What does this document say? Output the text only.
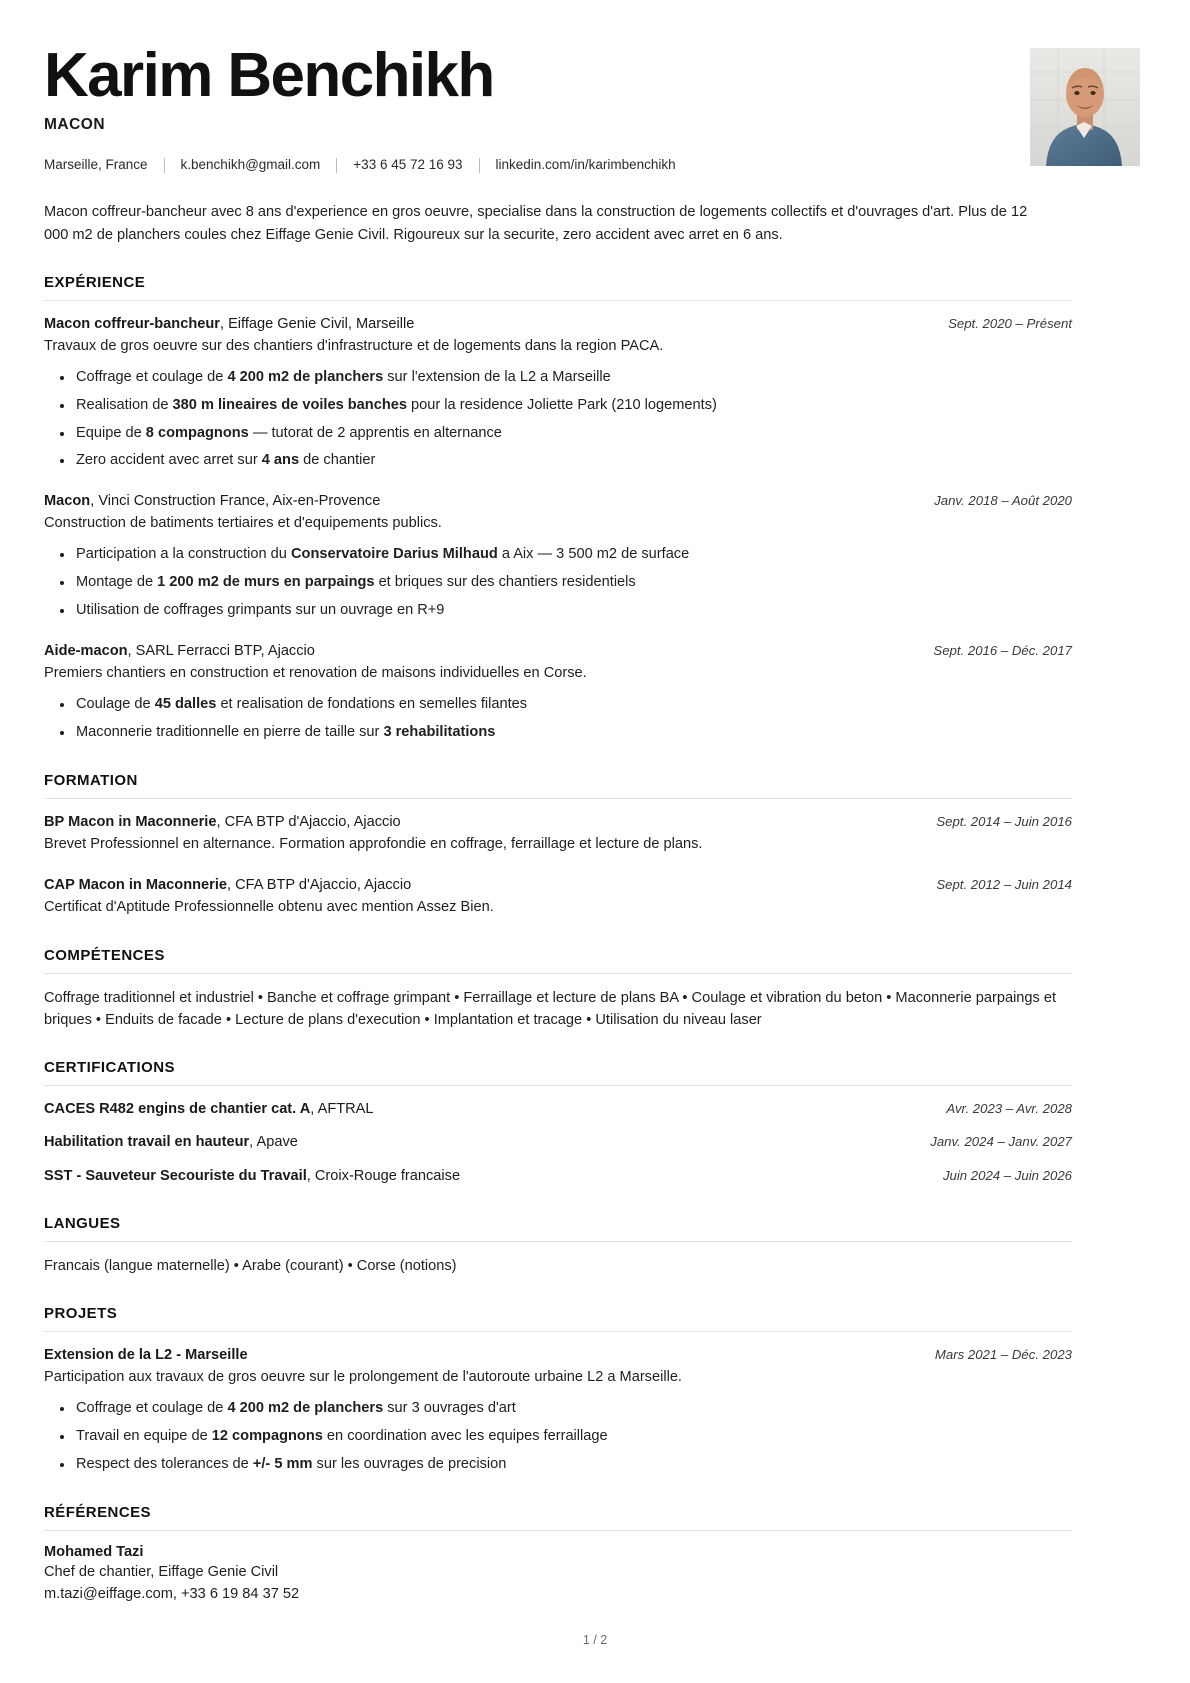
Karim Benchikh
MACON
Marseille, France k.benchikh@gmail.com +33 6 45 72 16 93 linkedin.com/in/karimbenchikh

Macon coffreur-bancheur avec 8 ans d'experience en gros oeuvre, specialise dans la construction de logements collectifs et d'ouvrages d'art. Plus de 12 000 m2 de planchers coules chez Eiffage Genie Civil. Rigoureux sur la securite, zero accident avec arret en 6 ans.

EXPÉRIENCE
Macon coffreur-bancheur, Eiffage Genie Civil, Marseille	Sept. 2020 – Présent

Travaux de gros oeuvre sur des chantiers d'infrastructure et de logements dans la region PACA.

Coffrage et coulage de 4 200 m2 de planchers sur l'extension de la L2 a Marseille
Realisation de 380 m lineaires de voiles banches pour la residence Joliette Park (210 logements)
Equipe de 8 compagnons — tutorat de 2 apprentis en alternance
Zero accident avec arret sur 4 ans de chantier
Macon, Vinci Construction France, Aix-en-Provence	Janv. 2018 – Août 2020

Construction de batiments tertiaires et d'equipements publics.

Participation a la construction du Conservatoire Darius Milhaud a Aix — 3 500 m2 de surface
Montage de 1 200 m2 de murs en parpaings et briques sur des chantiers residentiels
Utilisation de coffrages grimpants sur un ouvrage en R+9
Aide-macon, SARL Ferracci BTP, Ajaccio	Sept. 2016 – Déc. 2017

Premiers chantiers en construction et renovation de maisons individuelles en Corse.

Coulage de 45 dalles et realisation de fondations en semelles filantes
Maconnerie traditionnelle en pierre de taille sur 3 rehabilitations
FORMATION
BP Macon in Maconnerie, CFA BTP d'Ajaccio, Ajaccio	Sept. 2014 – Juin 2016

Brevet Professionnel en alternance. Formation approfondie en coffrage, ferraillage et lecture de plans.

CAP Macon in Maconnerie, CFA BTP d'Ajaccio, Ajaccio	Sept. 2012 – Juin 2014

Certificat d'Aptitude Professionnelle obtenu avec mention Assez Bien.

COMPÉTENCES
Coffrage traditionnel et industriel • Banche et coffrage grimpant • Ferraillage et lecture de plans BA • Coulage et vibration du beton • Maconnerie parpaings et briques • Enduits de facade • Lecture de plans d'execution • Implantation et tracage • Utilisation du niveau laser
CERTIFICATIONS
CACES R482 engins de chantier cat. A, AFTRAL	Avr. 2023 – Avr. 2028
Habilitation travail en hauteur, Apave	Janv. 2024 – Janv. 2027
SST - Sauveteur Secouriste du Travail, Croix-Rouge francaise	Juin 2024 – Juin 2026
LANGUES
Francais (langue maternelle) • Arabe (courant) • Corse (notions)
PROJETS
Extension de la L2 - Marseille	Mars 2021 – Déc. 2023

Participation aux travaux de gros oeuvre sur le prolongement de l'autoroute urbaine L2 a Marseille.

Coffrage et coulage de 4 200 m2 de planchers sur 3 ouvrages d'art
Travail en equipe de 12 compagnons en coordination avec les equipes ferraillage
Respect des tolerances de +/- 5 mm sur les ouvrages de precision
RÉFÉRENCES
Mohamed Tazi

Chef de chantier, Eiffage Genie Civil

m.tazi@eiffage.com, +33 6 19 84 37 52

1 / 2
